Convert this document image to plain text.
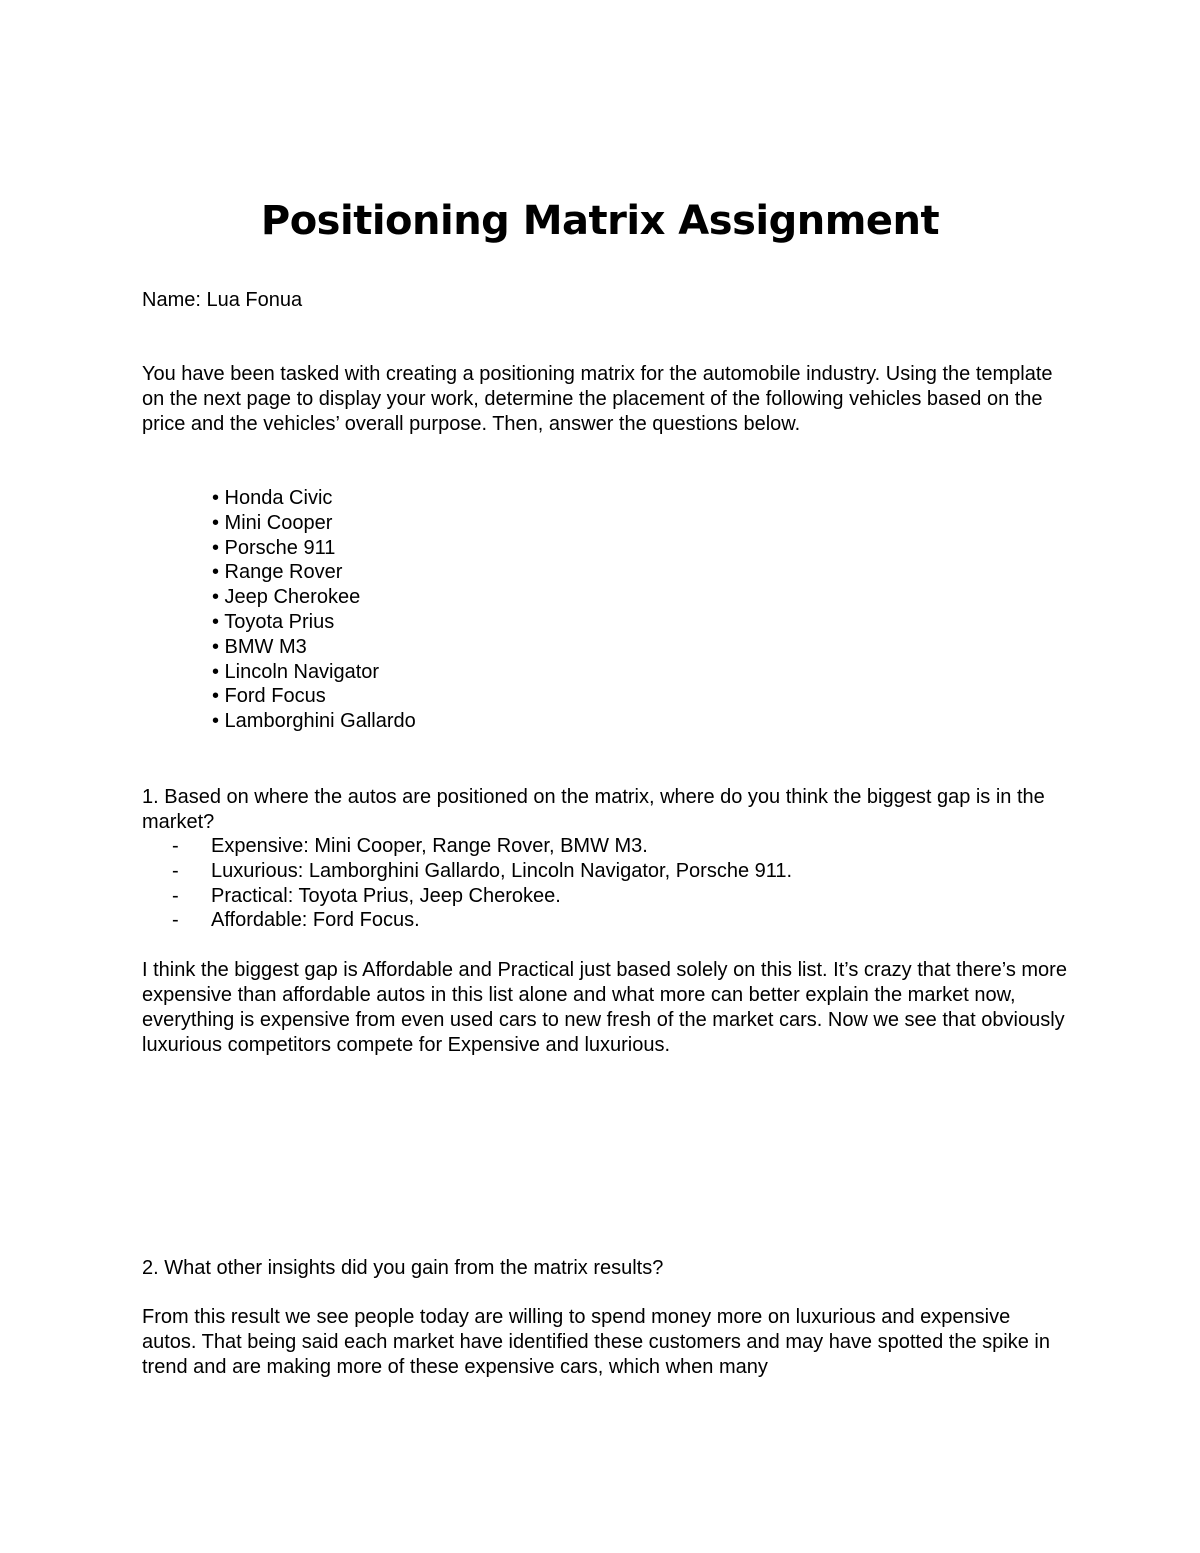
Positioning Matrix Assignment

Name: Lua Fonua

You have been tasked with creating a positioning matrix for the automobile industry. Using the template on the next page to display your work, determine the placement of the following vehicles based on the price and the vehicles’ overall purpose. Then, answer the questions below.

• Honda Civic
• Mini Cooper
• Porsche 911
• Range Rover
• Jeep Cherokee
• Toyota Prius
• BMW M3
• Lincoln Navigator
• Ford Focus
• Lamborghini Gallardo

1. Based on where the autos are positioned on the matrix, where do you think the biggest gap is in the market?

- Expensive: Mini Cooper, Range Rover, BMW M3.
- Luxurious: Lamborghini Gallardo, Lincoln Navigator, Porsche 911.
- Practical: Toyota Prius, Jeep Cherokee.
- Affordable: Ford Focus.

I think the biggest gap is Affordable and Practical just based solely on this list. It’s crazy that there’s more expensive than affordable autos in this list alone and what more can better explain the market now, everything is expensive from even used cars to new fresh of the market cars. Now we see that obviously luxurious competitors compete for Expensive and luxurious.

2. What other insights did you gain from the matrix results?

From this result we see people today are willing to spend money more on luxurious and expensive autos. That being said each market have identified these customers and may have spotted the spike in trend and are making more of these expensive cars, which when many
